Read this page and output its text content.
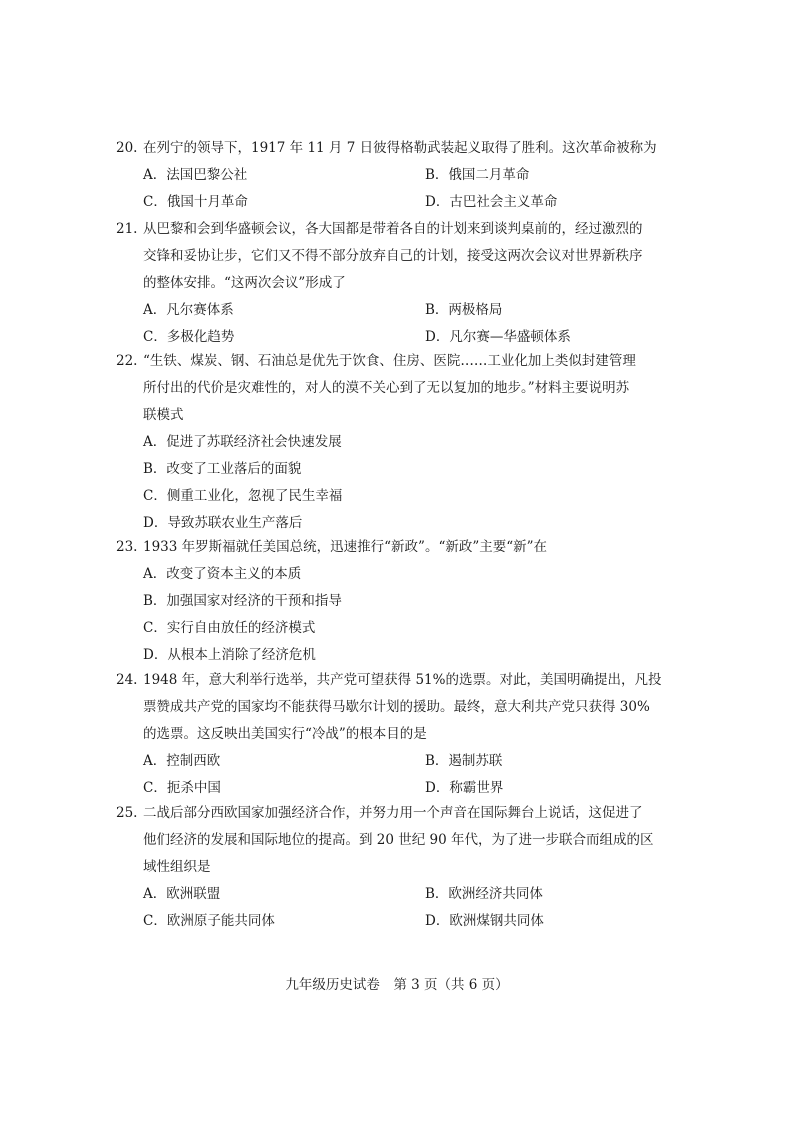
20. 在列宁的领导下，1917 年 11 月 7 日彼得格勒武装起义取得了胜利。这次革命被称为
A．法国巴黎公社	B．俄国二月革命
C．俄国十月革命	D．古巴社会主义革命
21. 从巴黎和会到华盛顿会议，各大国都是带着各自的计划来到谈判桌前的，经过激烈的
交锋和妥协让步，它们又不得不部分放弃自己的计划，接受这两次会议对世界新秩序
的整体安排。“这两次会议”形成了
A．凡尔赛体系	B．两极格局
C．多极化趋势	D．凡尔赛—华盛顿体系
22. “生铁、煤炭、钢、石油总是优先于饮食、住房、医院……工业化加上类似封建管理
所付出的代价是灾难性的，对人的漠不关心到了无以复加的地步。”材料主要说明苏
联模式
A．促进了苏联经济社会快速发展
B．改变了工业落后的面貌
C．侧重工业化，忽视了民生幸福
D．导致苏联农业生产落后
23. 1933 年罗斯福就任美国总统，迅速推行“新政”。“新政”主要“新”在
A．改变了资本主义的本质
B．加强国家对经济的干预和指导
C．实行自由放任的经济模式
D．从根本上消除了经济危机
24. 1948 年，意大利举行选举，共产党可望获得 51%的选票。对此，美国明确提出，凡投
票赞成共产党的国家均不能获得马歇尔计划的援助。最终，意大利共产党只获得 30%
的选票。这反映出美国实行“冷战”的根本目的是
A．控制西欧	B．遏制苏联
C．扼杀中国	D．称霸世界
25. 二战后部分西欧国家加强经济合作，并努力用一个声音在国际舞台上说话，这促进了
他们经济的发展和国际地位的提高。到 20 世纪 90 年代，为了进一步联合而组成的区
域性组织是
A．欧洲联盟	B．欧洲经济共同体
C．欧洲原子能共同体	D．欧洲煤钢共同体
九年级历史试卷　第 3 页（共 6 页）
